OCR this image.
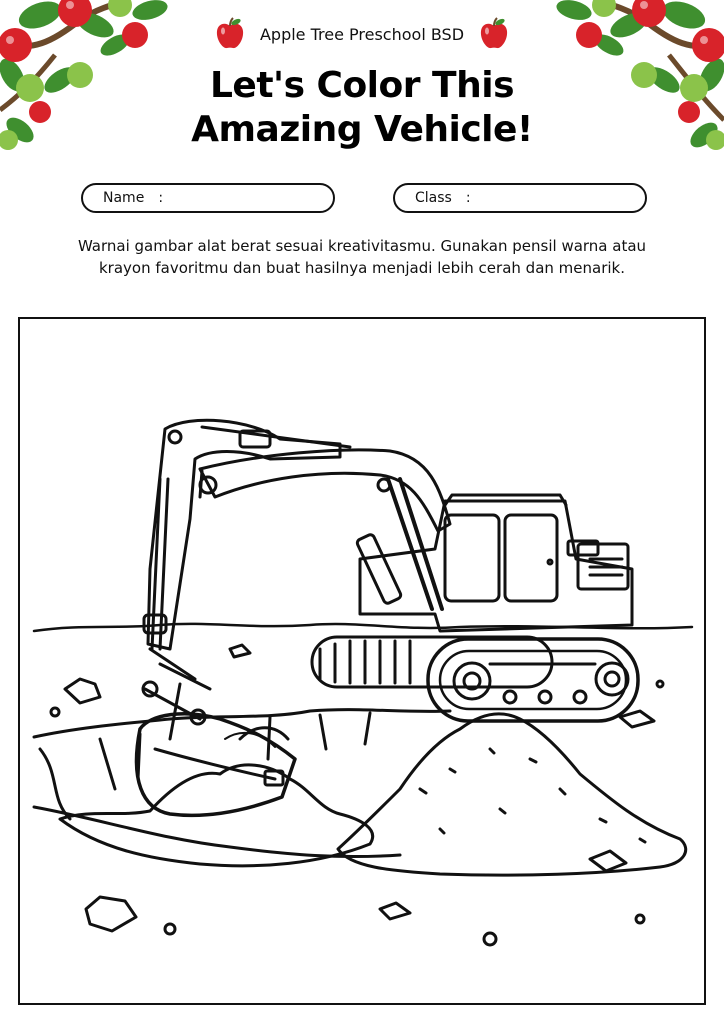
Apple Tree Preschool BSD
Let's Color This
Amazing Vehicle!
Name :	Class :
Warnai gambar alat berat sesuai kreativitasmu. Gunakan pensil warna atau
krayon favoritmu dan buat hasilnya menjadi lebih cerah dan menarik.
